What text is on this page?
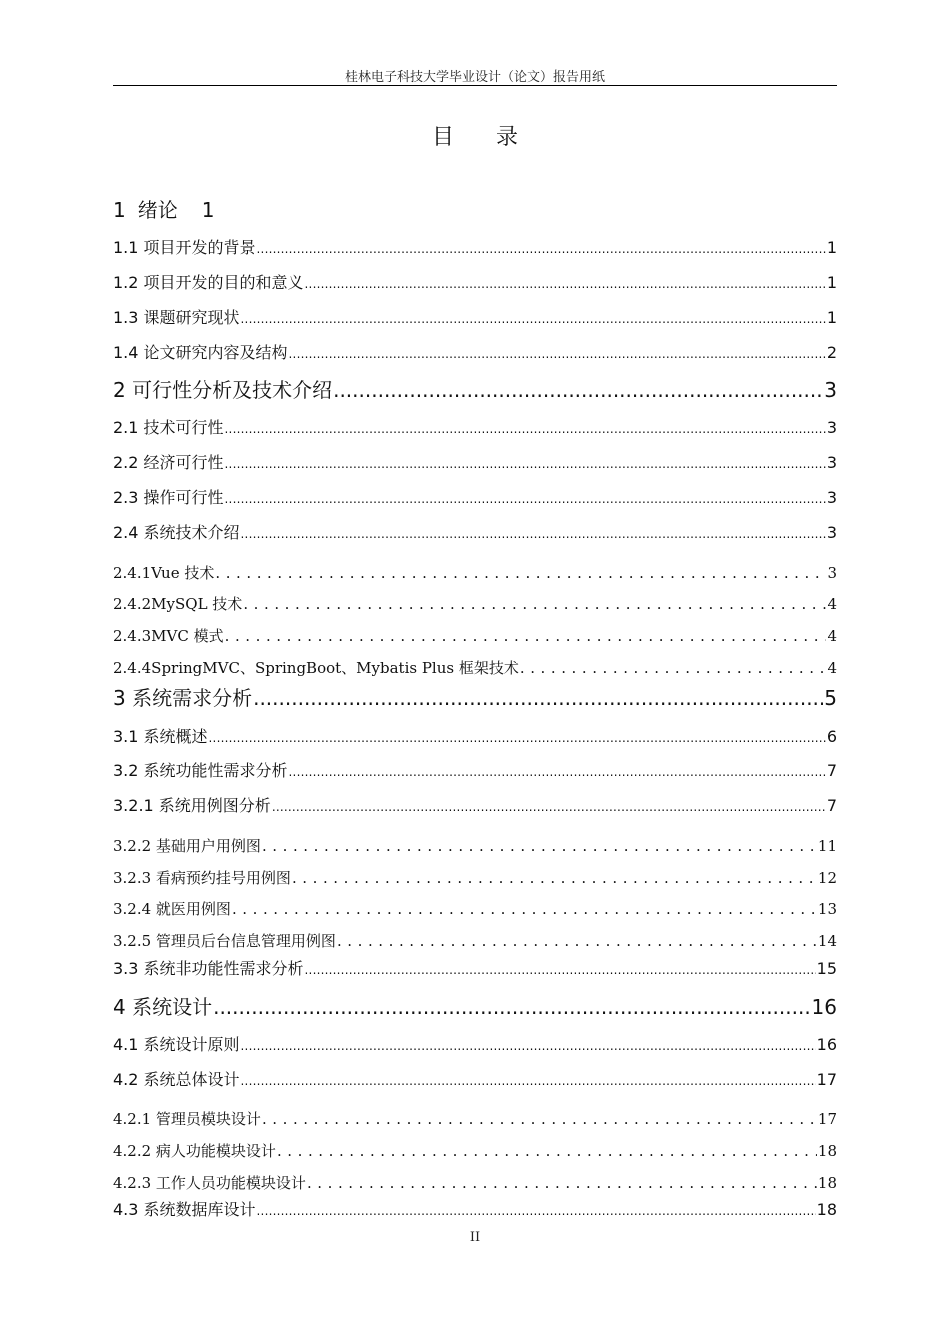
桂林电子科技大学毕业设计（论文）报告用纸
目 录
1 绪论 1
1.1 项目开发的背景 .....	1
1.2 项目开发的目的和意义 .....	1
1.3 课题研究现状 .....	1
1.4 论文研究内容及结构 .....	2
2 可行性分析及技术介绍 .....	3
2.1 技术可行性 .....	3
2.2 经济可行性 .....	3
2.3 操作可行性 .....	3
2.4 系统技术介绍 .....	3
2.4.1Vue 技术 . . .	3
2.4.2MySQL 技术 . . .	4
2.4.3MVC 模式 . . .	4
2.4.4SpringMVC、SpringBoot、Mybatis Plus 框架技术 . . .	4
3 系统需求分析 .....	5
3.1 系统概述 .....	6
3.2 系统功能性需求分析 .....	7
3.2.1 系统用例图分析 .....	7
3.2.2 基础用户用例图 . . .	11
3.2.3 看病预约挂号用例图 . . .	12
3.2.4 就医用例图 . . .	13
3.2.5 管理员后台信息管理用例图 . . .	14
3.3 系统非功能性需求分析 .....	15
4 系统设计 .....	16
4.1 系统设计原则 .....	16
4.2 系统总体设计 .....	17
4.2.1 管理员模块设计 . . .	17
4.2.2 病人功能模块设计 . . .	18
4.2.3 工作人员功能模块设计 . . .	18
4.3 系统数据库设计 .....	18
II
